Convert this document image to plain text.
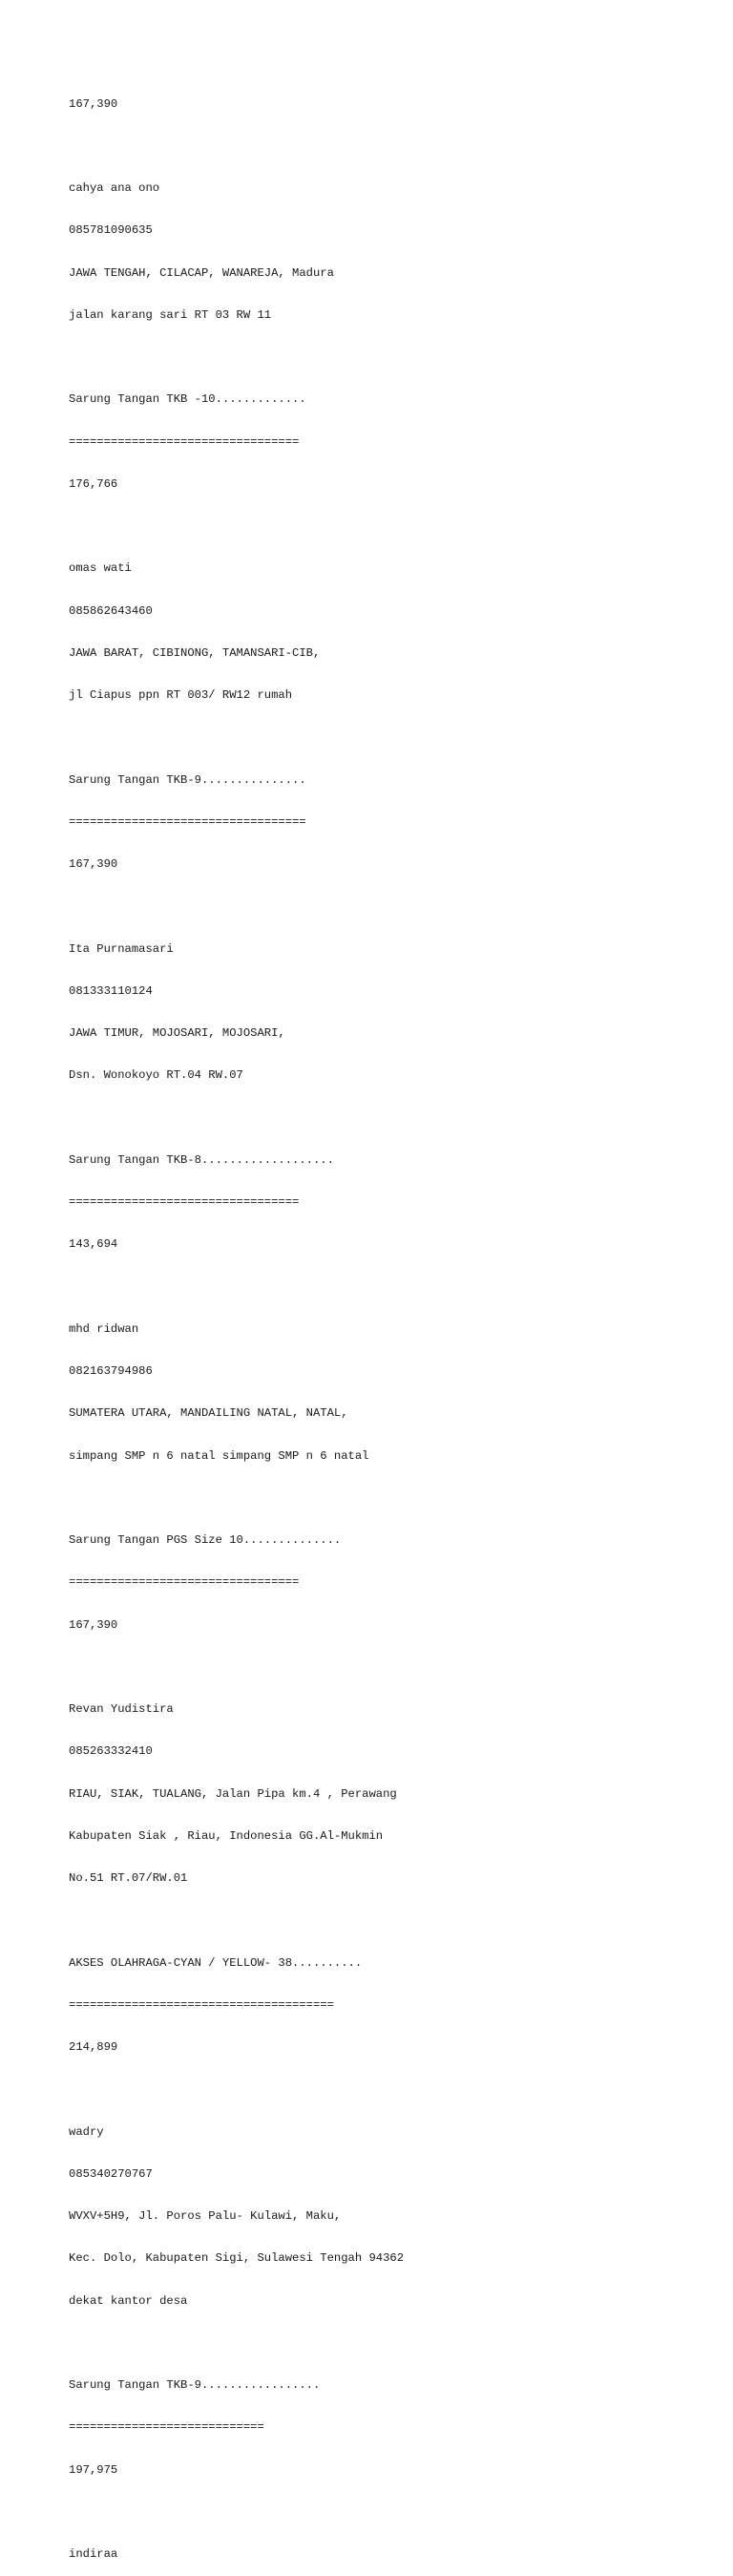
167,390

cahya ana ono

085781090635

JAWA TENGAH, CILACAP, WANAREJA, Madura

jalan karang sari RT 03 RW 11

Sarung Tangan TKB -10.............

=================================

176,766

omas wati

085862643460

JAWA BARAT, CIBINONG, TAMANSARI-CIB,

jl Ciapus ppn RT 003/ RW12 rumah

Sarung Tangan TKB-9...............

==================================

167,390

Ita Purnamasari

081333110124

JAWA TIMUR, MOJOSARI, MOJOSARI,

Dsn. Wonokoyo RT.04 RW.07

Sarung Tangan TKB-8...................

=================================

143,694

mhd ridwan

082163794986

SUMATERA UTARA, MANDAILING NATAL, NATAL,

simpang SMP n 6 natal simpang SMP n 6 natal

Sarung Tangan PGS Size 10..............

=================================

167,390

Revan Yudistira

085263332410

RIAU, SIAK, TUALANG, Jalan Pipa km.4 , Perawang

Kabupaten Siak , Riau, Indonesia GG.Al-Mukmin

No.51 RT.07/RW.01

AKSES OLAHRAGA-CYAN / YELLOW- 38..........

======================================

214,899

wadry

085340270767

WVXV+5H9, Jl. Poros Palu- Kulawi, Maku,

Kec. Dolo, Kabupaten Sigi, Sulawesi Tengah 94362

dekat kantor desa

Sarung Tangan TKB-9.................

============================

197,975

indiraa
